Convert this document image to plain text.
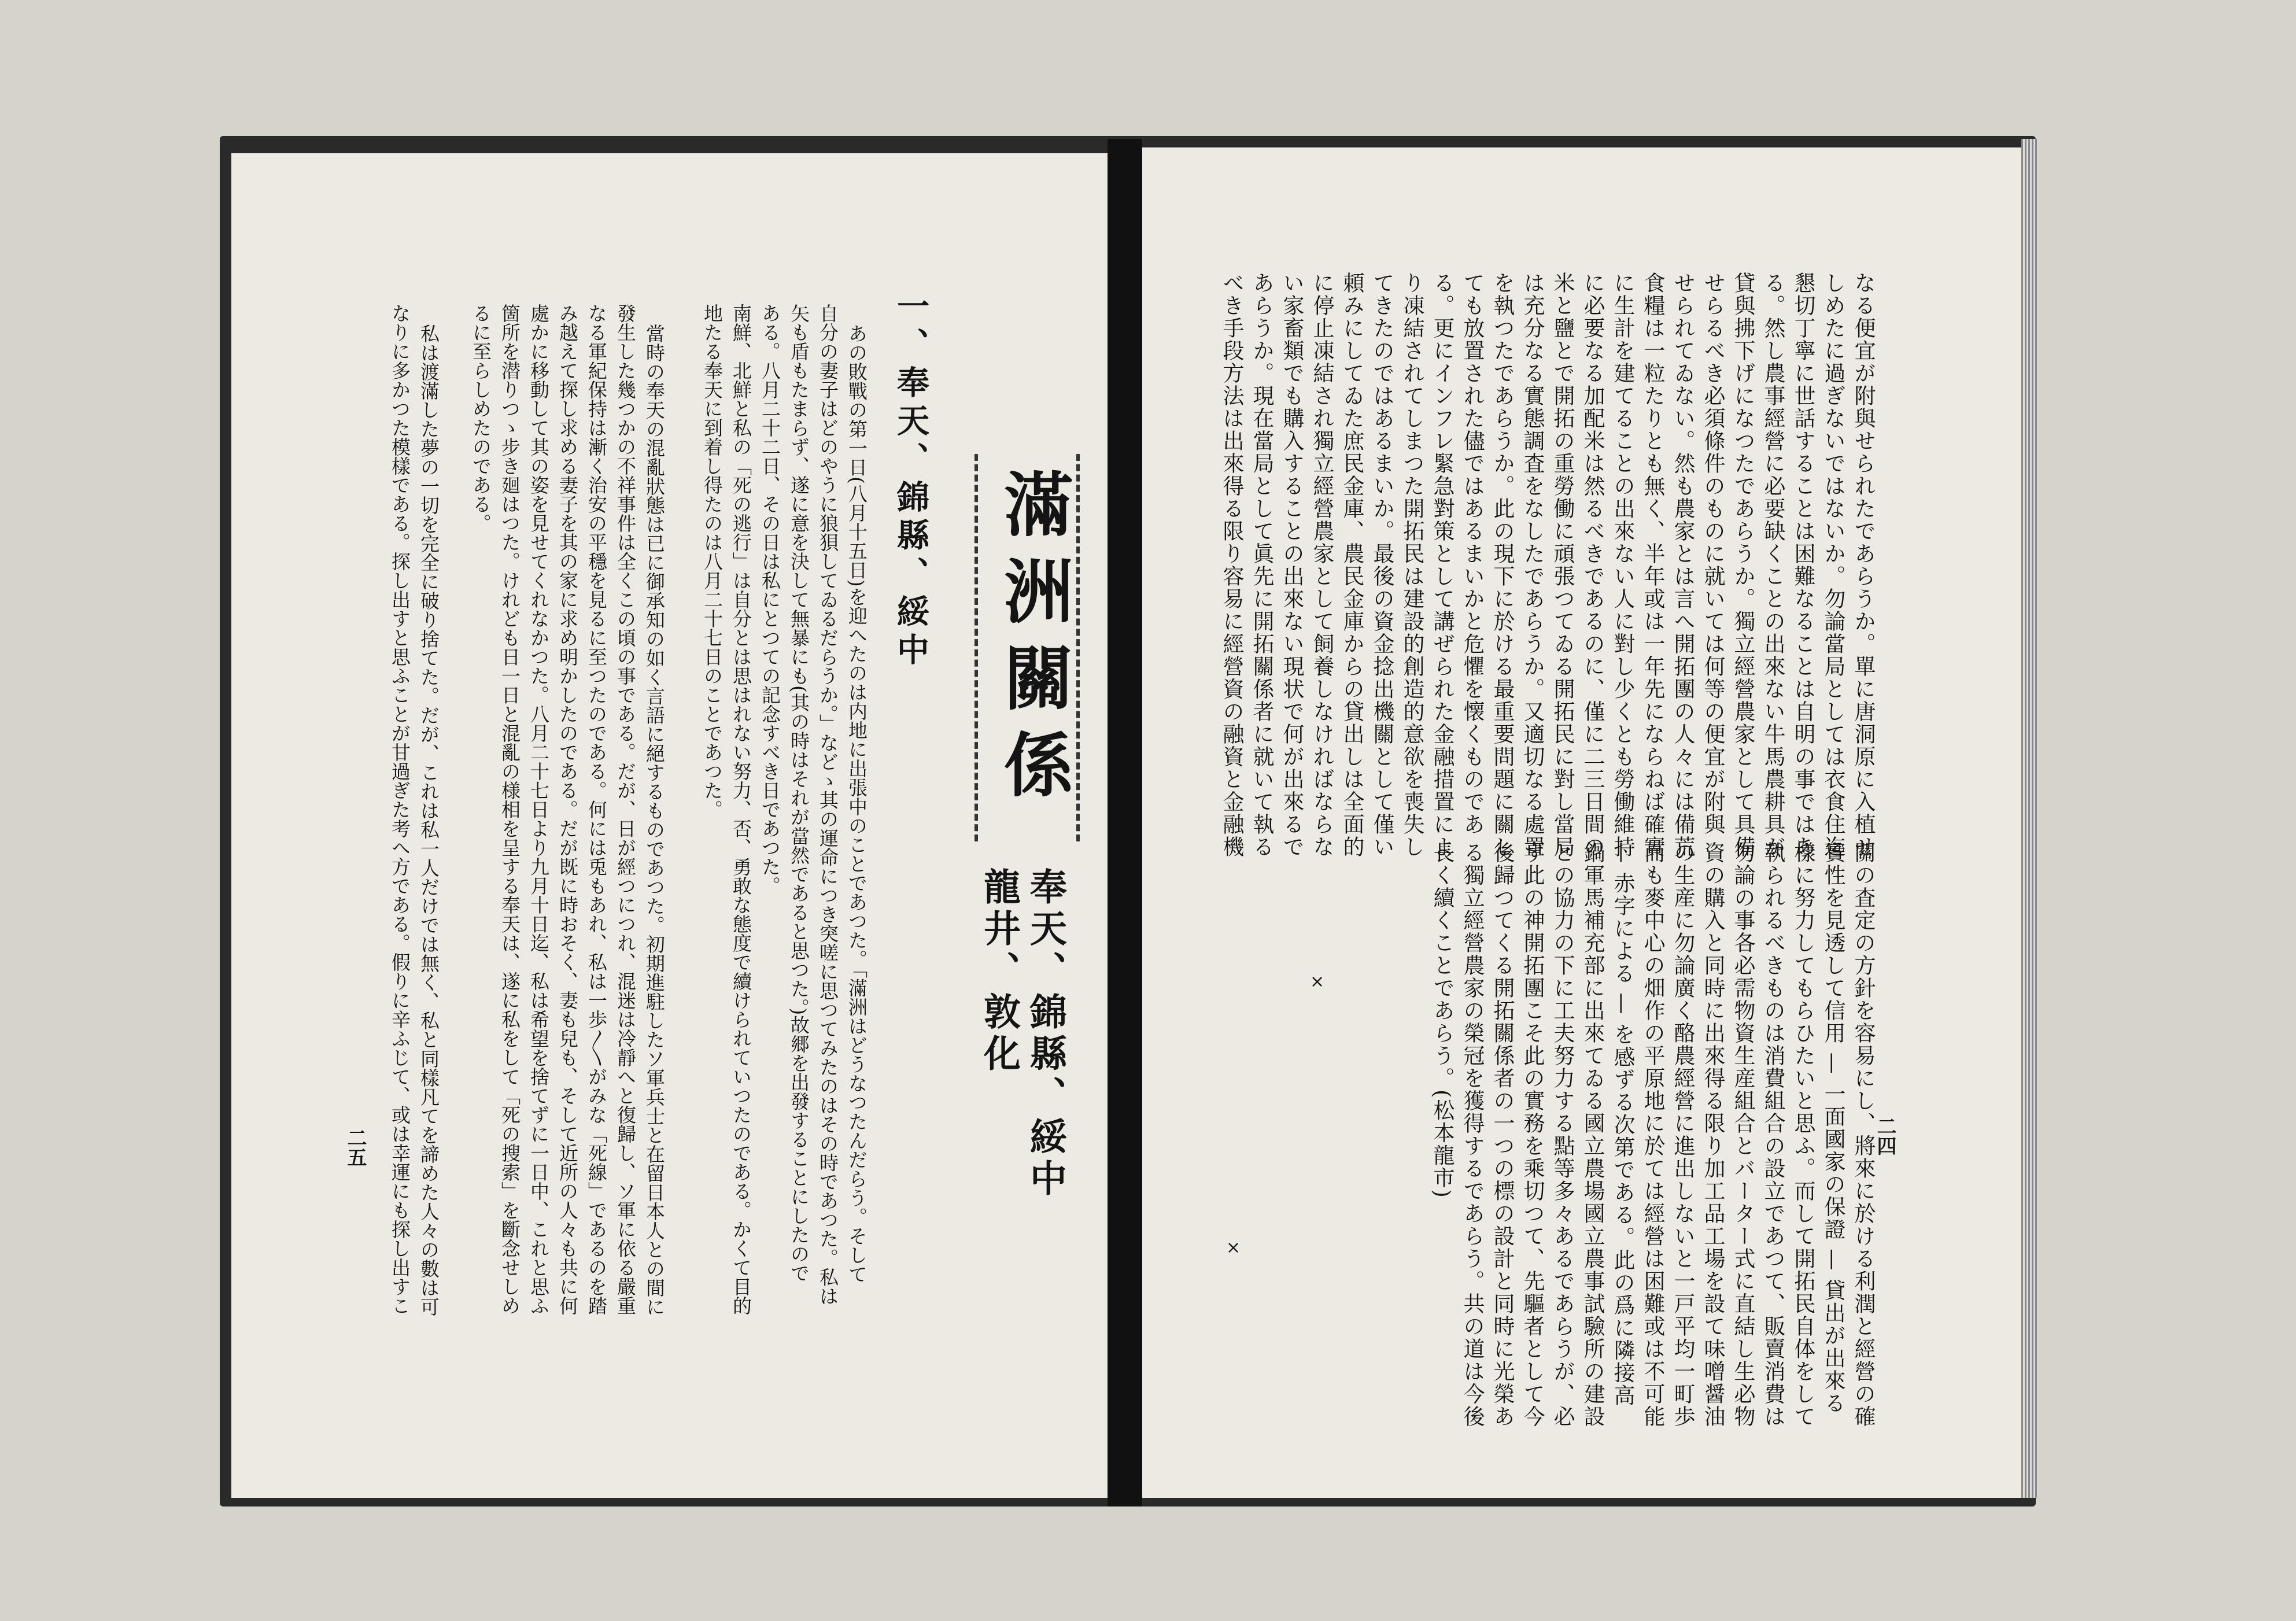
二四
なる便宜が附與せられたであらうか。單に唐洞原に入植せ
しめたに過ぎないではないか。勿論當局としては衣食住迄
懇切丁寧に世話することは困難なることは自明の事ではあ
る。然し農事經營に必要缺くことの出來ない牛馬農耕具が
貸與拂下げになつたであらうか。獨立經營農家として具備
せらるべき必須條件のものに就いては何等の便宜が附與
せられてゐない。然も農家とは言へ開拓團の人々には備荒
食糧は一粒たりとも無く、半年或は一年先にならねば確實
に生計を建てることの出來ない人に對し少くとも勞働維持
に必要なる加配米は然るべきであるのに、僅に二三日間の
米と鹽とで開拓の重勞働に頑張つてゐる開拓民に對し當局
は充分なる實態調査をなしたであらうか。又適切なる處置
を執つたであらうか。此の現下に於ける最重要問題に關し
ても放置された儘ではあるまいかと危懼を懐くものであ
る。更にインフレ緊急對策として講ぜられた金融措置によ
り凍結されてしまつた開拓民は建設的創造的意欲を喪失し
てきたのではあるまいか。最後の資金捻出機關として僅い
頼みにしてゐた庶民金庫、農民金庫からの貸出しは全面的
に停止凍結され獨立經營農家として飼養しなければならな
い家畜類でも購入することの出來ない現状で何が出來るで
あらうか。現在當局として眞先に開拓關係者に就いて執る
べき手段方法は出來得る限り容易に經營資の融資と金融機
關の査定の方針を容易にし、將來に於ける利潤と經營の確
實性を見透して信用 — 一面國家の保證 — 貸出が出來る
樣に努力してもらひたいと思ふ。而して開拓民自体をして
執られるべきものは消費組合の設立であつて、販賣消費は
勿論の事各必需物資生産組合とバーター式に直結し生必物
資の購入と同時に出來得る限り加工品工場を設て味噌醤油
の生産に勿論廣く酪農經營に進出しないと一戸平均一町歩
而も麥中心の畑作の平原地に於ては經營は困難或は不可能
— 赤字による — を感ずる次第である。此の爲に隣接高
鍋軍馬補充部に出來てゐる國立農場國立農事試驗所の建設
との協力の下に工夫努力する點等多々あるであらうが、必
ず此の神開拓團こそ此の實務を乘切つて、先驅者として今
後歸つてくる開拓關係者の一つの標の設計と同時に光榮あ
る獨立經營農家の榮冠を獲得するであらう。共の道は今後
長く續くことであらう。(松本龍市)
×
×
滿洲關係
奉天、錦縣、綏中
龍井、敦化
一、奉天、錦縣、綏中
あの敗戰の第一日(八月十五日)を迎へたのは内地に出張中のことであつた。「滿洲はどうなつたんだらう。そして
自分の妻子はどのやうに狼狽してゐるだらうか。」などゝ其の運命につき突嗟に思つてみたのはその時であつた。私は
矢も盾もたまらず、遂に意を決して無暴にも(其の時はそれが當然であると思つた。)故郷を出發することにしたので
ある。八月二十二日、その日は私にとつての記念すべき日であつた。
南鮮、北鮮と私の「死の逃行」は自分とは思はれない努力、否、勇敢な態度で續けられていつたのである。かくて目的
地たる奉天に到着し得たのは八月二十七日のことであつた。
當時の奉天の混亂狀態は已に御承知の如く言語に絕するものであつた。初期進駐したソ軍兵士と在留日本人との間に
發生した幾つかの不祥事件は全くこの頃の事である。だが、日が經つにつれ、混迷は冷靜へと復歸し、ソ軍に依る嚴重
なる軍紀保持は漸く治安の平穩を見るに至つたのである。何には兎もあれ、私は一歩〳〵がみな「死線」であるのを踏
み越えて探し求める妻子を其の家に求め明かしたのである。だが既に時おそく、妻も兒も、そして近所の人々も共に何
處かに移動して其の姿を見せてくれなかつた。八月二十七日より九月十日迄、私は希望を捨てずに一日中、これと思ふ
箇所を潜りつゝ步き廻はつた。けれども日一日と混亂の様相を呈する奉天は、遂に私をして「死の搜索」を斷念せしめ
るに至らしめたのである。
私は渡滿した夢の一切を完全に破り捨てた。だが、これは私一人だけでは無く、私と同樣凡てを諦めた人々の數は可
なりに多かつた模樣である。探し出すと思ふことが甘過ぎた考へ方である。假りに辛ふじて、或は幸運にも探し出すこ
二五
